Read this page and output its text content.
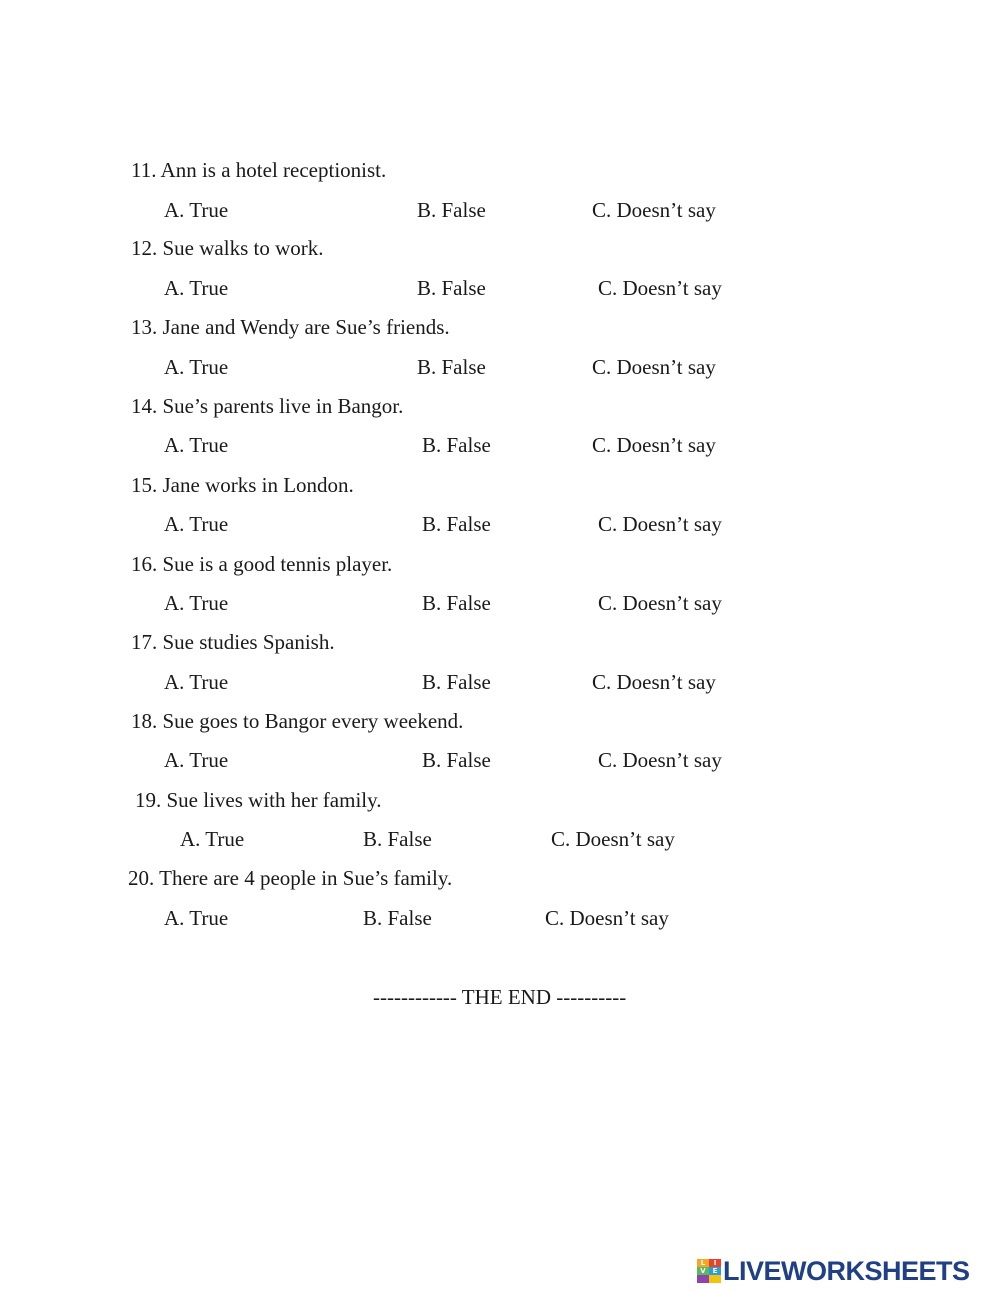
11. Ann is a hotel receptionist.
A. True	B. False	C. Doesn’t say
12. Sue walks to work.
A. True	B. False	C. Doesn’t say
13. Jane and Wendy are Sue’s friends.
A. True	B. False	C. Doesn’t say
14. Sue’s parents live in Bangor.
A. True	B. False	C. Doesn’t say
15. Jane works in London.
A. True	B. False	C. Doesn’t say
16. Sue is a good tennis player.
A. True	B. False	C. Doesn’t say
17. Sue studies Spanish.
A. True	B. False	C. Doesn’t say
18. Sue goes to Bangor every weekend.
A. True	B. False	C. Doesn’t say
19. Sue lives with her family.
A. True	B. False	C. Doesn’t say
20. There are 4 people in Sue’s family.
A. True	B. False	C. Doesn’t say
------------ THE END ----------
L	I
V E LIVEWORKSHEETS
